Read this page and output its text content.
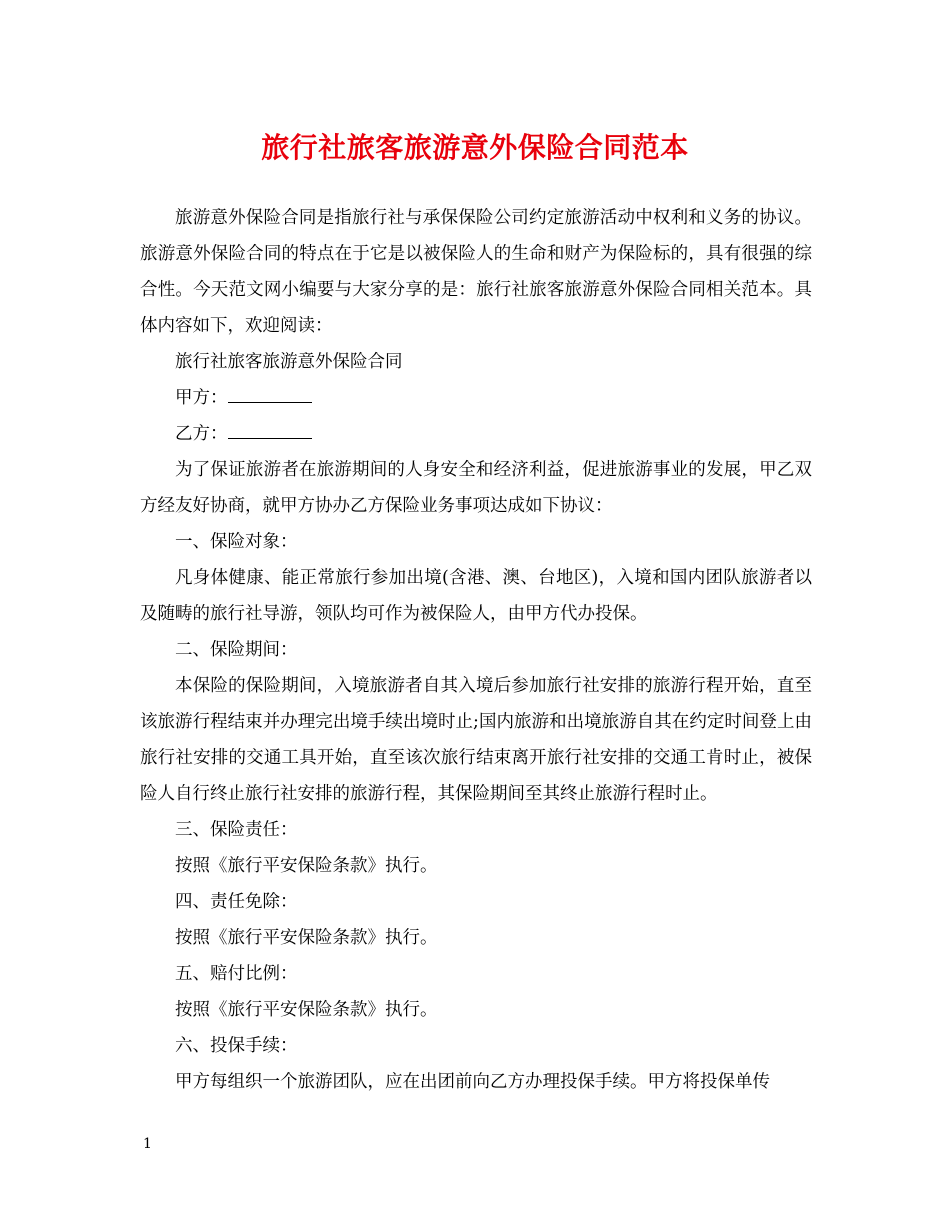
旅行社旅客旅游意外保险合同范本

旅游意外保险合同是指旅行社与承保保险公司约定旅游活动中权利和义务的协议。旅游意外保险合同的特点在于它是以被保险人的生命和财产为保险标的，具有很强的综合性。今天范文网小编要与大家分享的是：旅行社旅客旅游意外保险合同相关范本。具体内容如下，欢迎阅读：

旅行社旅客旅游意外保险合同

甲方：

乙方：

为了保证旅游者在旅游期间的人身安全和经济利益，促进旅游事业的发展，甲乙双方经友好协商，就甲方协办乙方保险业务事项达成如下协议：

一、保险对象：

凡身体健康、能正常旅行参加出境(含港、澳、台地区)，入境和国内团队旅游者以及随畴的旅行社导游，领队均可作为被保险人，由甲方代办投保。

二、保险期间：

本保险的保险期间，入境旅游者自其入境后参加旅行社安排的旅游行程开始，直至该旅游行程结束并办理完出境手续出境时止;国内旅游和出境旅游自其在约定时间登上由旅行社安排的交通工具开始，直至该次旅行结束离开旅行社安排的交通工肯时止，被保险人自行终止旅行社安排的旅游行程，其保险期间至其终止旅游行程时止。

三、保险责任：

按照《旅行平安保险条款》执行。

四、责任免除：

按照《旅行平安保险条款》执行。

五、赔付比例：

按照《旅行平安保险条款》执行。

六、投保手续：

甲方每组织一个旅游团队，应在出团前向乙方办理投保手续。甲方将投保单传

1
